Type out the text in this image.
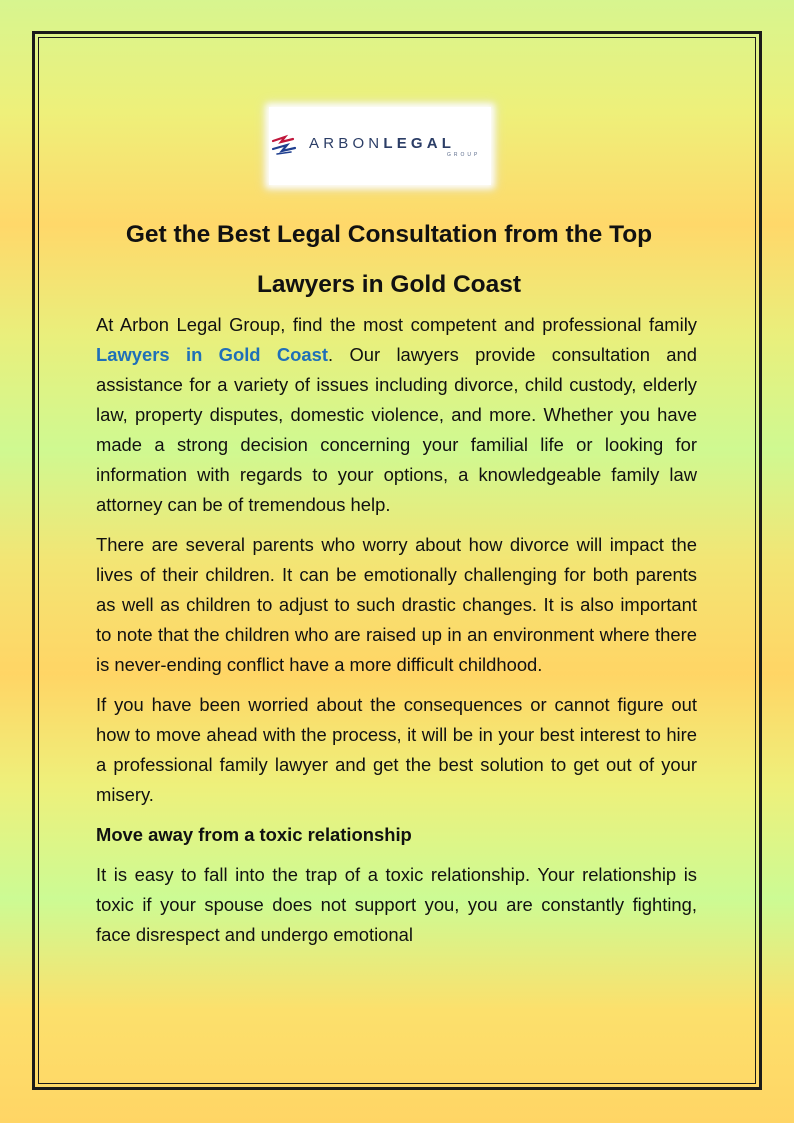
ARBONLEGAL
GROUP
Get the Best Legal Consultation from the Top
Lawyers in Gold Coast

At Arbon Legal Group, find the most competent and professional family Lawyers in Gold Coast. Our lawyers provide consultation and assistance for a variety of issues including divorce, child custody, elderly law, property disputes, domestic violence, and more. Whether you have made a strong decision concerning your familial life or looking for information with regards to your options, a knowledgeable family law attorney can be of tremendous help.

There are several parents who worry about how divorce will impact the lives of their children. It can be emotionally challenging for both parents as well as children to adjust to such drastic changes. It is also important to note that the children who are raised up in an environment where there is never-ending conflict have a more difficult childhood.

If you have been worried about the consequences or cannot figure out how to move ahead with the process, it will be in your best interest to hire a professional family lawyer and get the best solution to get out of your misery.

Move away from a toxic relationship

It is easy to fall into the trap of a toxic relationship. Your relationship is toxic if your spouse does not support you, you are constantly fighting, face disrespect and undergo emotional
